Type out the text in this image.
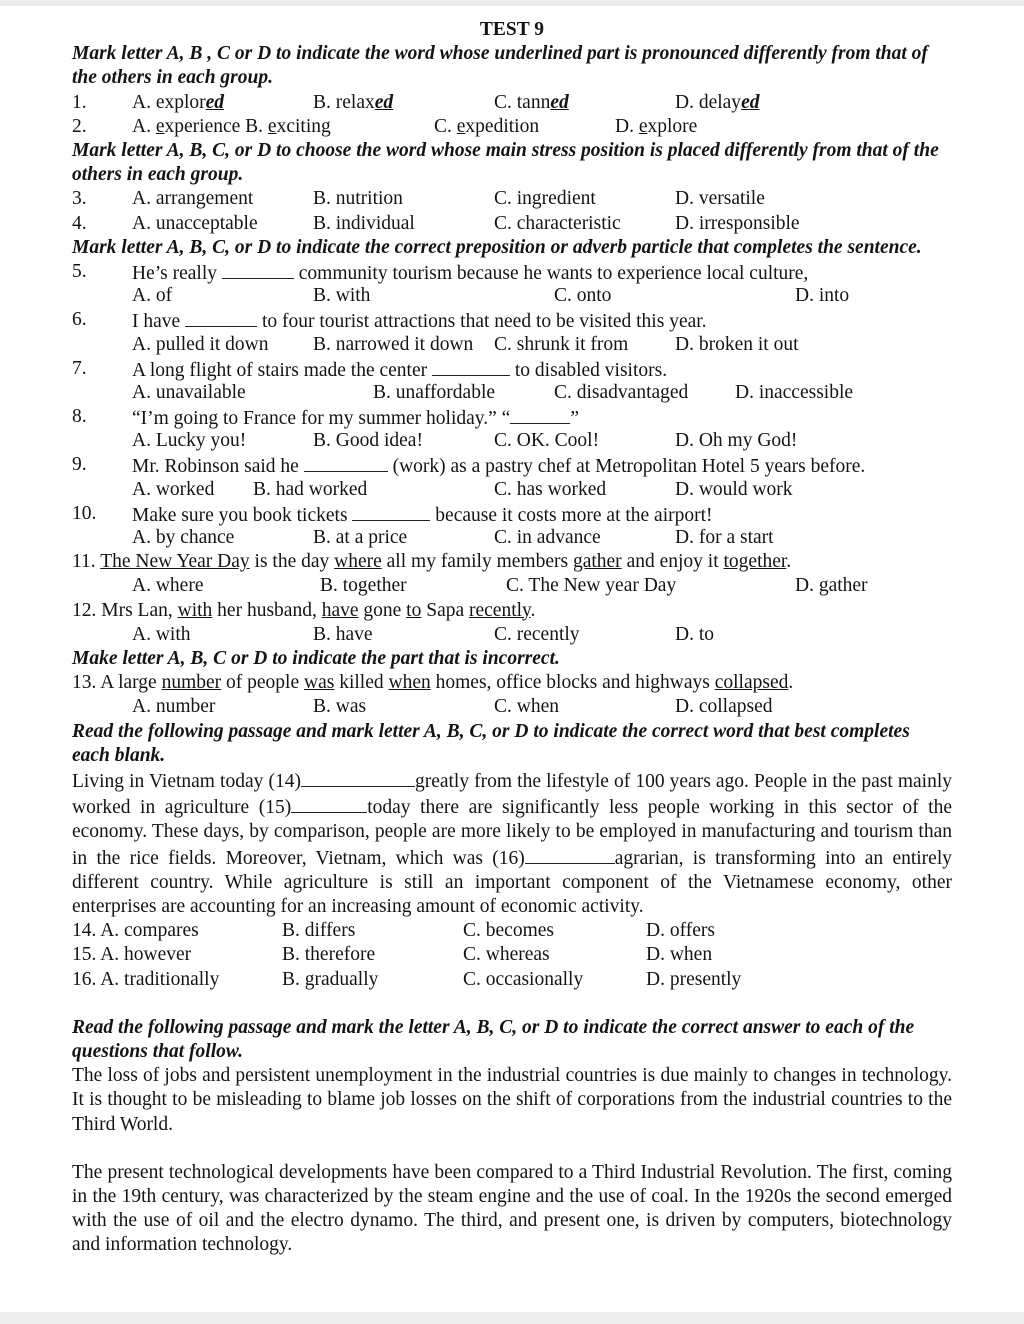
TEST 9
Mark letter A, B , C or D to indicate the word whose underlined part is pronounced differently from that of the others in each group.
1. A. explored	B. relaxed	C. tanned	D. delayed
2. A. experience B. exciting	C. expedition	D. explore
Mark letter A, B, C, or D to choose the word whose main stress position is placed differently from that of the others in each group.
3. A. arrangement	B. nutrition	C. ingredient	D. versatile
4. A. unacceptable	B. individual	C. characteristic	D. irresponsible
Mark letter A, B, C, or D to indicate the correct preposition or adverb particle that completes the sentence.
5. He’s really	community tourism because he wants to experience local culture,
A. of	B. with	C. onto	D. into
6. I have	to four tourist attractions that need to be visited this year.
A. pulled it down B. narrowed it down C. shrunk it from D. broken it out
7. A long flight of stairs made the center	to disabled visitors.
A. unavailable	B. unaffordable	C. disadvantaged D. inaccessible
8. “I’m going to France for my summer holiday.” “	”
A. Lucky you!	B. Good idea!	C. OK. Cool!	D. Oh my God!
9. Mr. Robinson said he	(work) as a pastry chef at Metropolitan Hotel 5 years before.
A. worked B. had worked	C. has worked	D. would work
10. Make sure you book tickets	because it costs more at the airport!
A. by chance	B. at a price	C. in advance	D. for a start
11. The New Year Day is the day where all my family members gather and enjoy it together.
A. where	B. together	C. The New year Day	D. gather
12. Mrs Lan, with her husband, have gone to Sapa recently.
A. with	B. have	C. recently	D. to
Make letter A, B, C or D to indicate the part that is incorrect.
13. A large number of people was killed when homes, office blocks and highways collapsed.
A. number	B. was	C. when	D. collapsed
Read the following passage and mark letter A, B, C, or D to indicate the correct word that best completes each blank.
Living in Vietnam today (14)	greatly from the lifestyle of 100 years ago. People in the past mainly worked in agriculture (15)	today there are significantly less people working in this sector of the economy. These days, by comparison, people are more likely to be employed in manufacturing and tourism than in the rice fields. Moreover, Vietnam, which was (16)	agrarian, is transforming into an entirely different country. While agriculture is still an important component of the Vietnamese economy, other enterprises are accounting for an increasing amount of economic activity.
14. A. compares	B. differs	C. becomes	D. offers
15. A. however	B. therefore	C. whereas	D. when
16. A. traditionally	B. gradually	C. occasionally	D. presently
Read the following passage and mark the letter A, B, C, or D to indicate the correct answer to each of the questions that follow.
The loss of jobs and persistent unemployment in the industrial countries is due mainly to changes in technology. It is thought to be misleading to blame job losses on the shift of corporations from the industrial countries to the Third World.
The present technological developments have been compared to a Third Industrial Revolution. The first, coming in the 19th century, was characterized by the steam engine and the use of coal. In the 1920s the second emerged with the use of oil and the electro dynamo. The third, and present one, is driven by computers, biotechnology and information technology.
